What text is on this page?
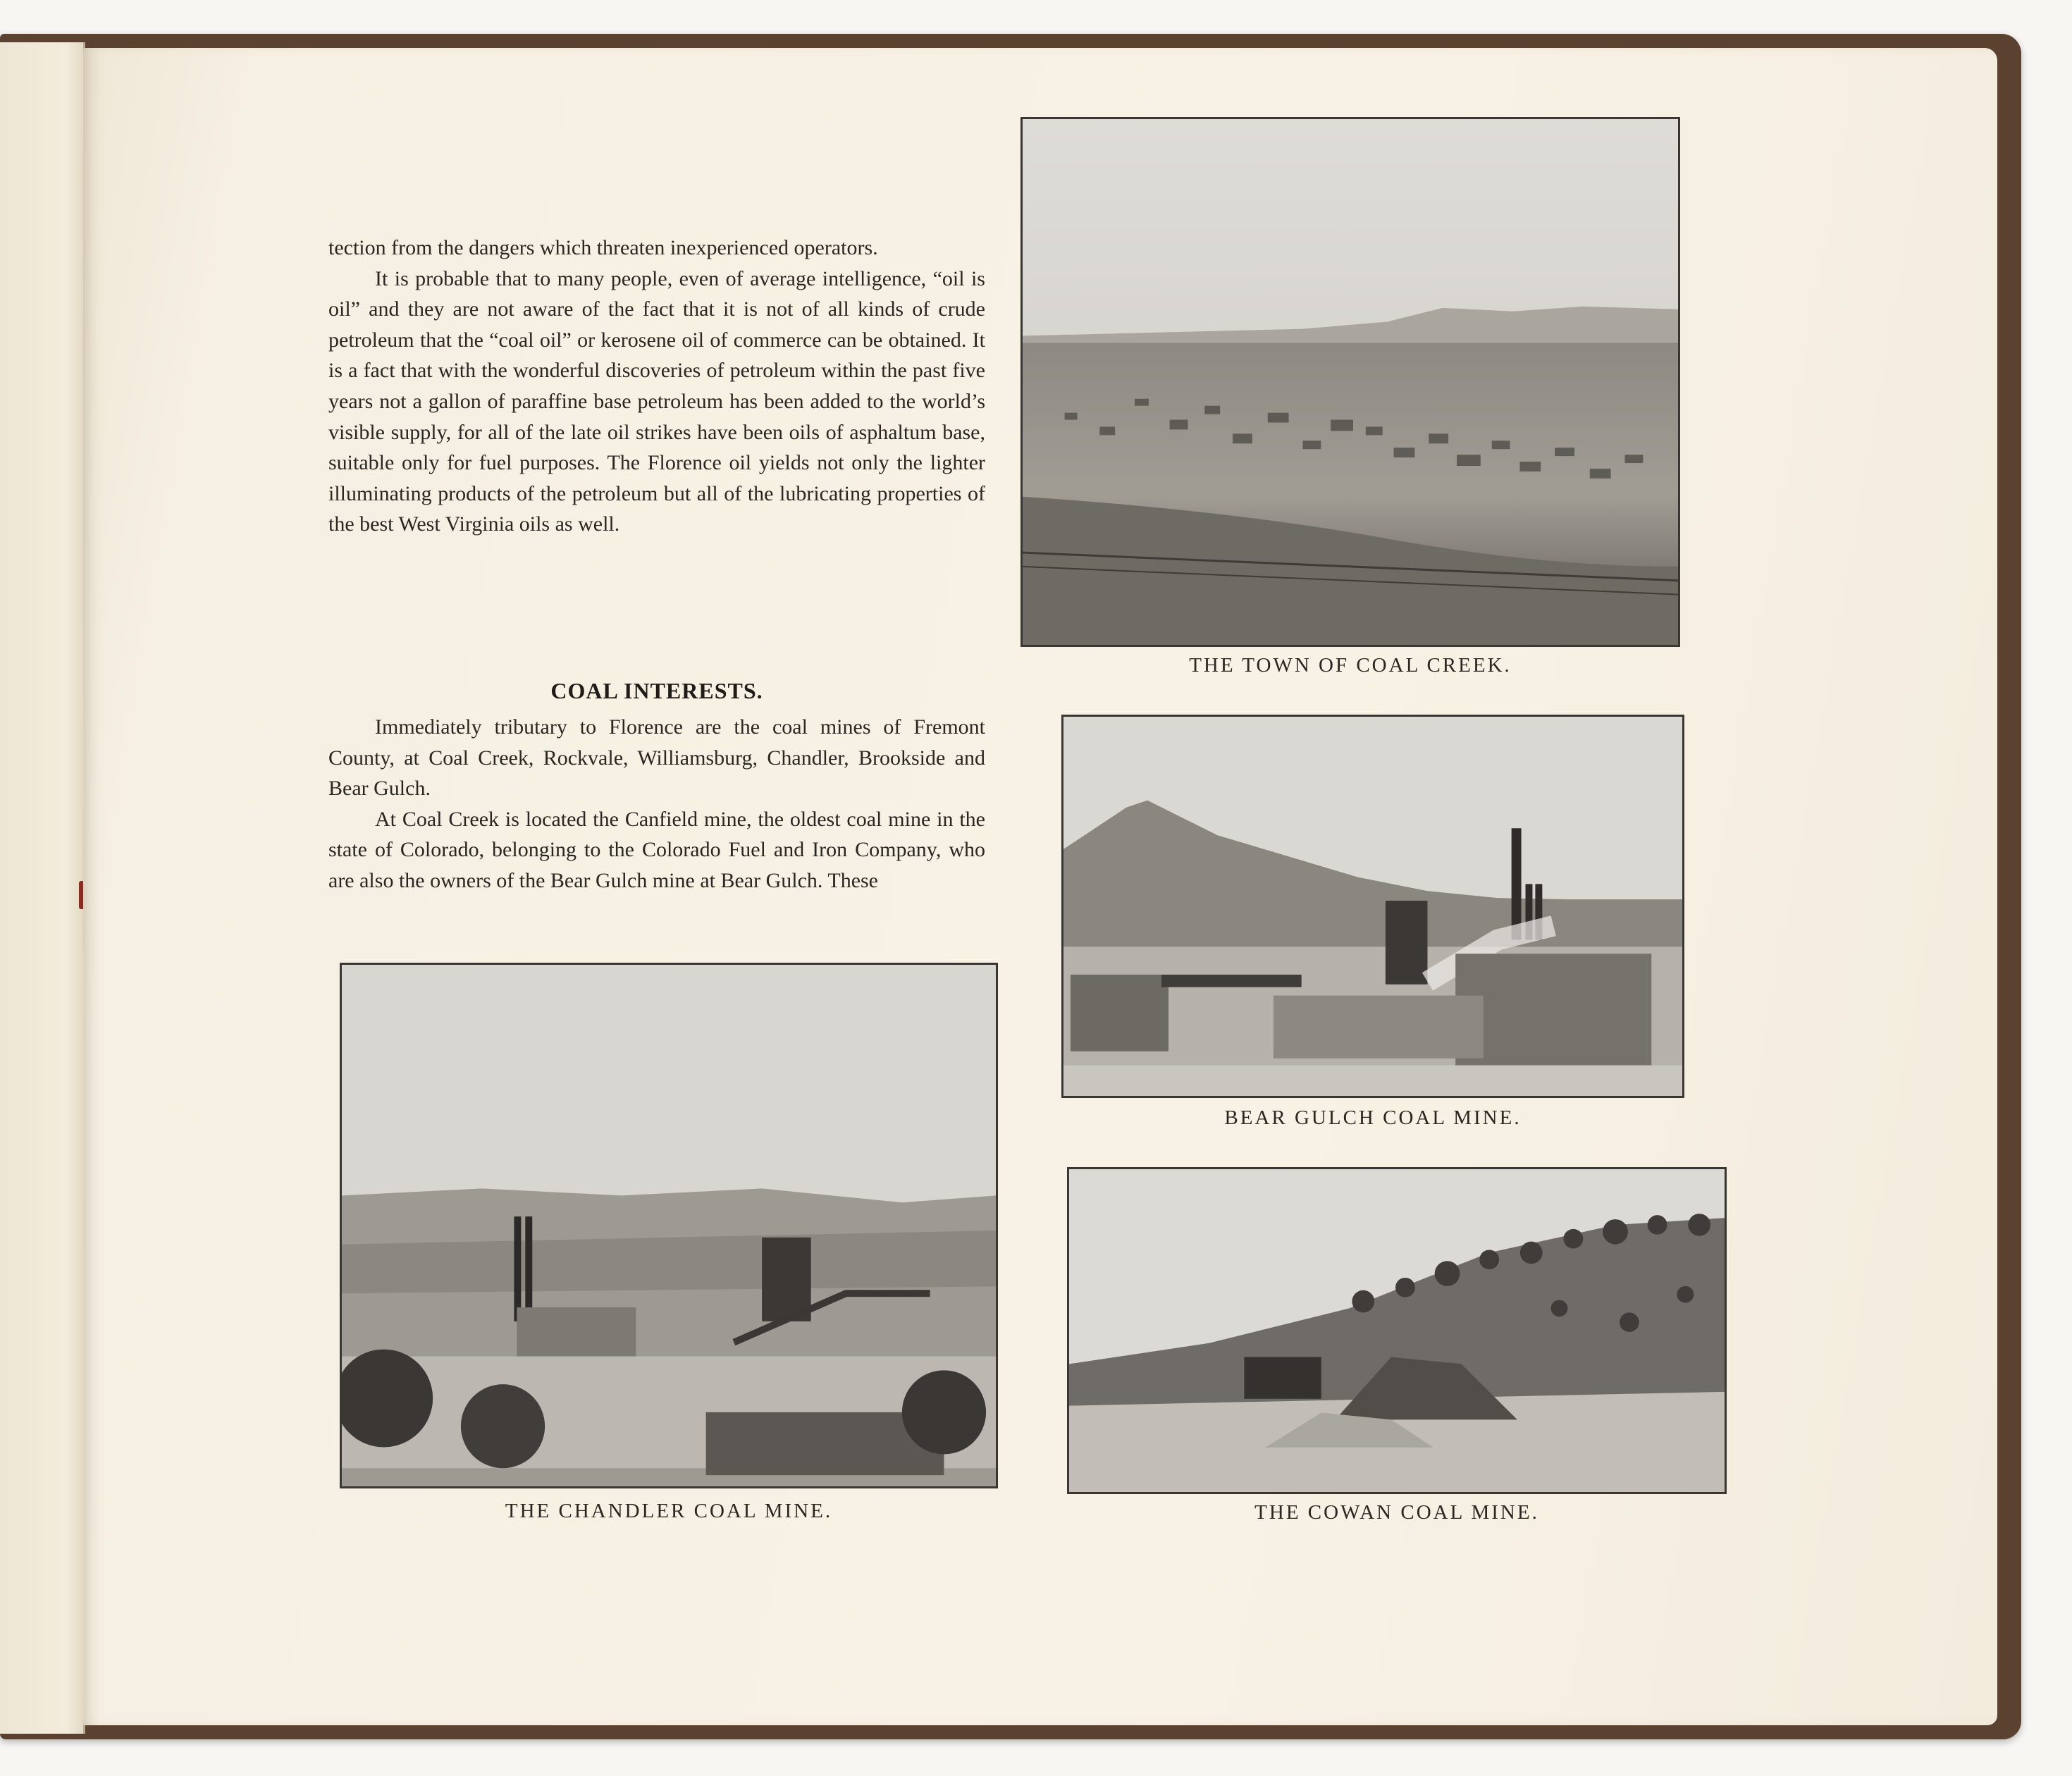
tection from the dangers which threaten inexperienced operators.

It is probable that to many people, even of average intelligence, “oil is oil” and they are not aware of the fact that it is not of all kinds of crude petroleum that the “coal oil” or kerosene oil of commerce can be obtained. It is a fact that with the wonderful discoveries of petroleum within the past five years not a gallon of paraffine base petroleum has been added to the world’s visible supply, for all of the late oil strikes have been oils of asphaltum base, suitable only for fuel purposes. The Florence oil yields not only the lighter illuminating products of the petroleum but all of the lubricating properties of the best West Virginia oils as well.

COAL INTERESTS.

Immediately tributary to Florence are the coal mines of Fremont County, at Coal Creek, Rockvale, Williamsburg, Chandler, Brookside and Bear Gulch.

At Coal Creek is located the Canfield mine, the oldest coal mine in the state of Colorado, belonging to the Colorado Fuel and Iron Company, who are also the owners of the Bear Gulch mine at Bear Gulch. These

THE TOWN OF COAL CREEK.
BEAR GULCH COAL MINE.
THE CHANDLER COAL MINE.	THE COWAN COAL MINE.
